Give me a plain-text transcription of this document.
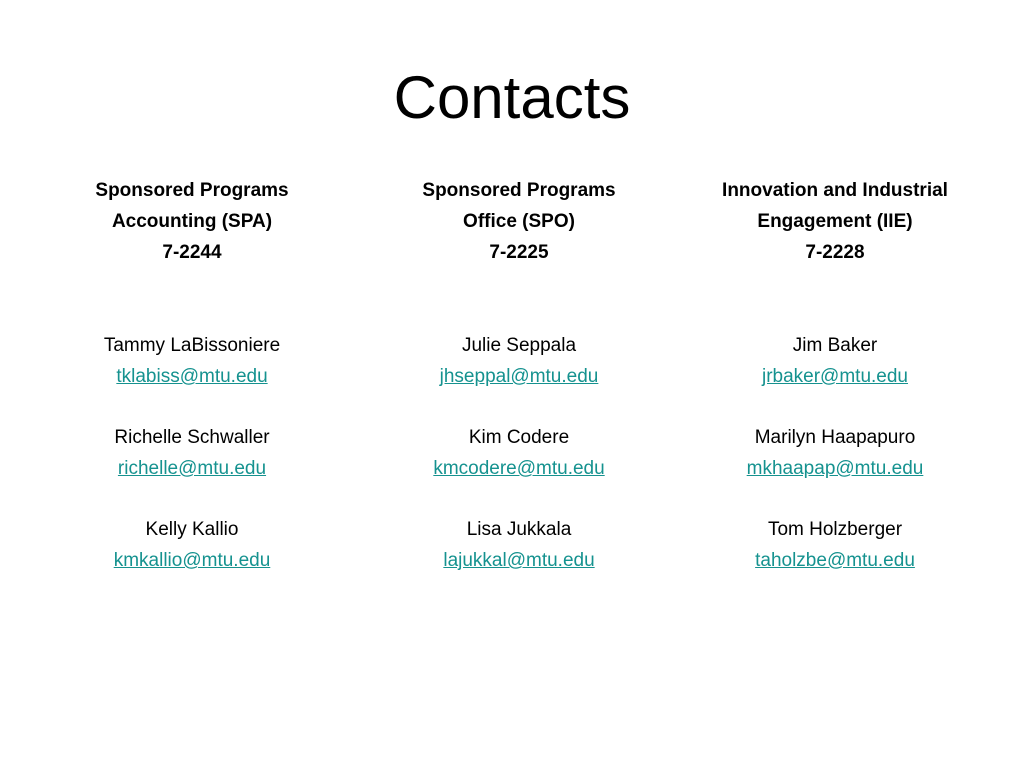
Contacts
Sponsored Programs
Accounting (SPA)
7-2244
Tammy LaBissoniere
tklabiss@mtu.edu
Richelle Schwaller
richelle@mtu.edu
Kelly Kallio
kmkallio@mtu.edu
Sponsored Programs
Office (SPO)
7-2225
Julie Seppala
jhseppal@mtu.edu
Kim Codere
kmcodere@mtu.edu
Lisa Jukkala
lajukkal@mtu.edu
Innovation and Industrial
Engagement (IIE)
7-2228
Jim Baker
jrbaker@mtu.edu
Marilyn Haapapuro
mkhaapap@mtu.edu
Tom Holzberger
taholzbe@mtu.edu
